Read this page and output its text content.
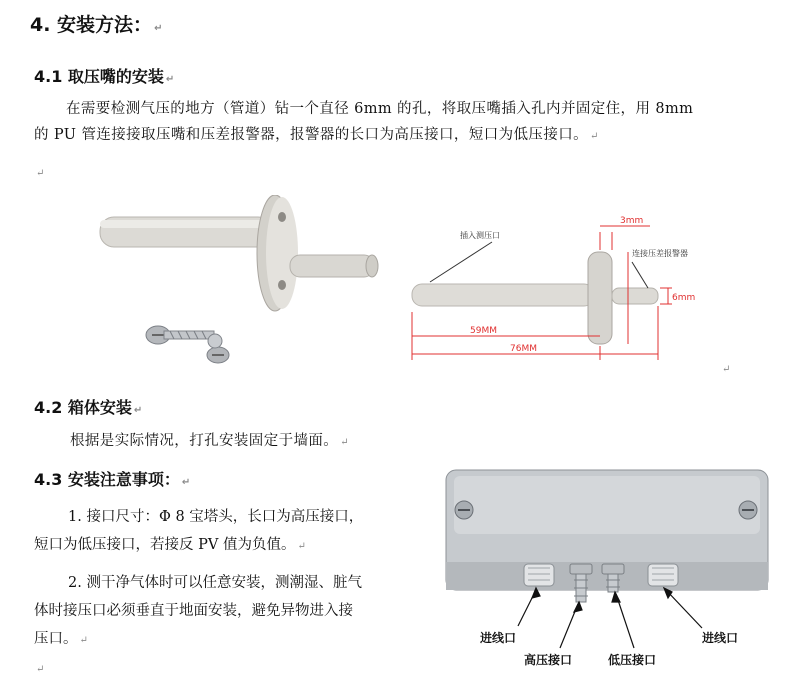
4. 安装方法： ↵
4.1 取压嘴的安装 ↵
在需要检测气压的地方（管道）钻一个直径 6mm 的孔，将取压嘴插入孔内并固定住，用 8mm
的 PU 管连接接取压嘴和压差报警器，报警器的长口为高压接口，短口为低压接口。 ↵
↵
插入测压口
连接压差报警器
3mm
6mm
59MM
76MM
↵
4.2 箱体安装 ↵
根据是实际情况，打孔安装固定于墙面。 ↵
4.3 安装注意事项： ↵
1. 接口尺寸：Φ 8 宝塔头，长口为高压接口，
短口为低压接口，若接反 PV 值为负值。 ↵
2. 测干净气体时可以任意安装，测潮湿、脏气
体时接压口必须垂直于地面安装，避免异物进入接
压口。 ↵
↵
进线口
高压接口	低压接口
进线口
